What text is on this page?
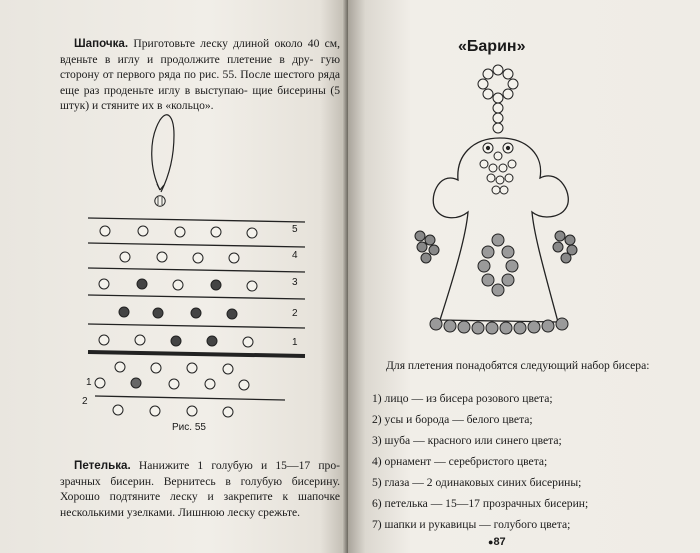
Шапочка. Приготовьте леску длиной около 40 см, вденьте в иглу и продолжите плетение в дру- гую сторону от первого ряда по рис. 55. После шестого ряда еще раз проденьте иглу в выступаю- щие бисерины (5 штук) и стяните их в «кольцо».
5
4
3
2
1
1
2
Рис. 55
Петелька. Нанижите 1 голубую и 15—17 про- зрачных бисерин. Вернитесь в голубую бисерину. Хорошо подтяните леску и закрепите к шапочке несколькими узелками. Лишнюю леску срежьте.
«Барин»
Для плетения понадобятся следующий набор бисера:
1) лицо — из бисера розового цвета;
2) усы и борода — белого цвета;
3) шуба — красного или синего цвета;
4) орнамент — серебристого цвета;
5) глаза — 2 одинаковых синих бисерины;
6) петелька — 15—17 прозрачных бисерин;
7) шапки и рукавицы — голубого цвета;
●87
